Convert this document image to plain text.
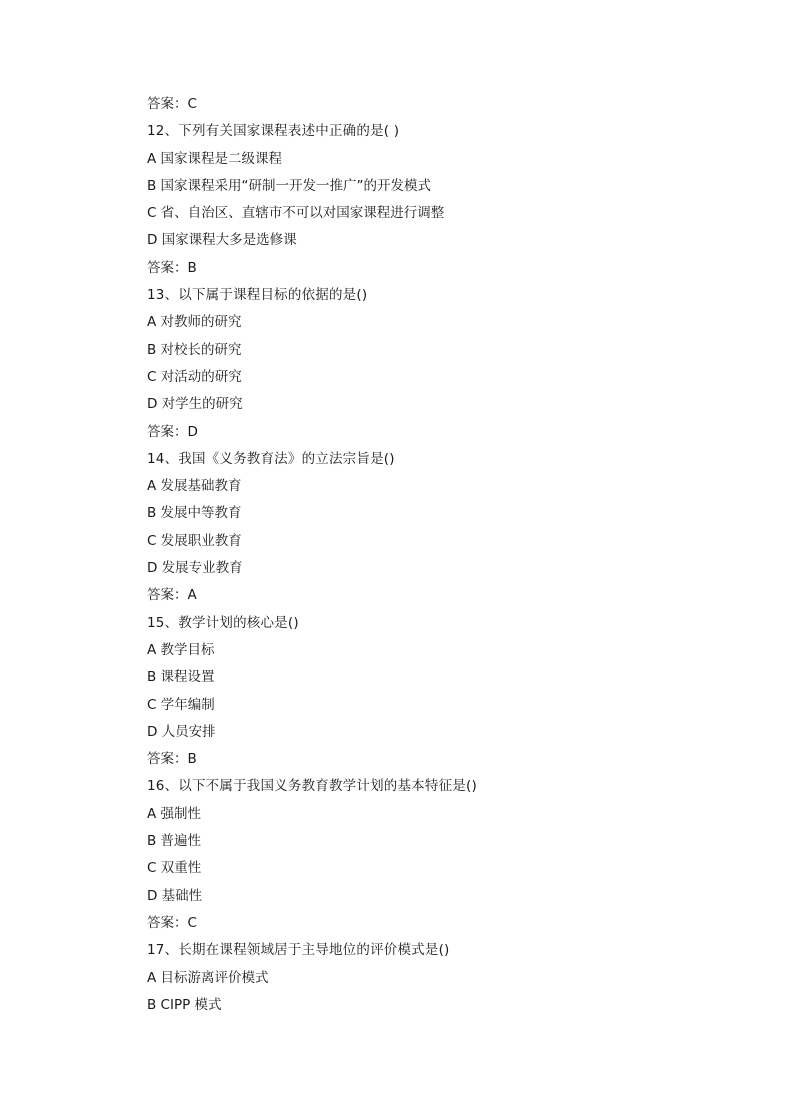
答案：C
12、下列有关国家课程表述中正确的是( )
A 国家课程是二级课程
B 国家课程采用“研制一开发一推广”的开发模式
C 省、自治区、直辖市不可以对国家课程进行调整
D 国家课程大多是选修课
答案：B
13、以下属于课程目标的依据的是()
A 对教师的研究
B 对校长的研究
C 对活动的研究
D 对学生的研究
答案：D
14、我国《义务教育法》的立法宗旨是()
A 发展基础教育
B 发展中等教育
C 发展职业教育
D 发展专业教育
答案：A
15、教学计划的核心是()
A 教学目标
B 课程设置
C 学年编制
D 人员安排
答案：B
16、以下不属于我国义务教育教学计划的基本特征是()
A 强制性
B 普遍性
C 双重性
D 基础性
答案：C
17、长期在课程领域居于主导地位的评价模式是()
A 目标游离评价模式
B CIPP 模式
